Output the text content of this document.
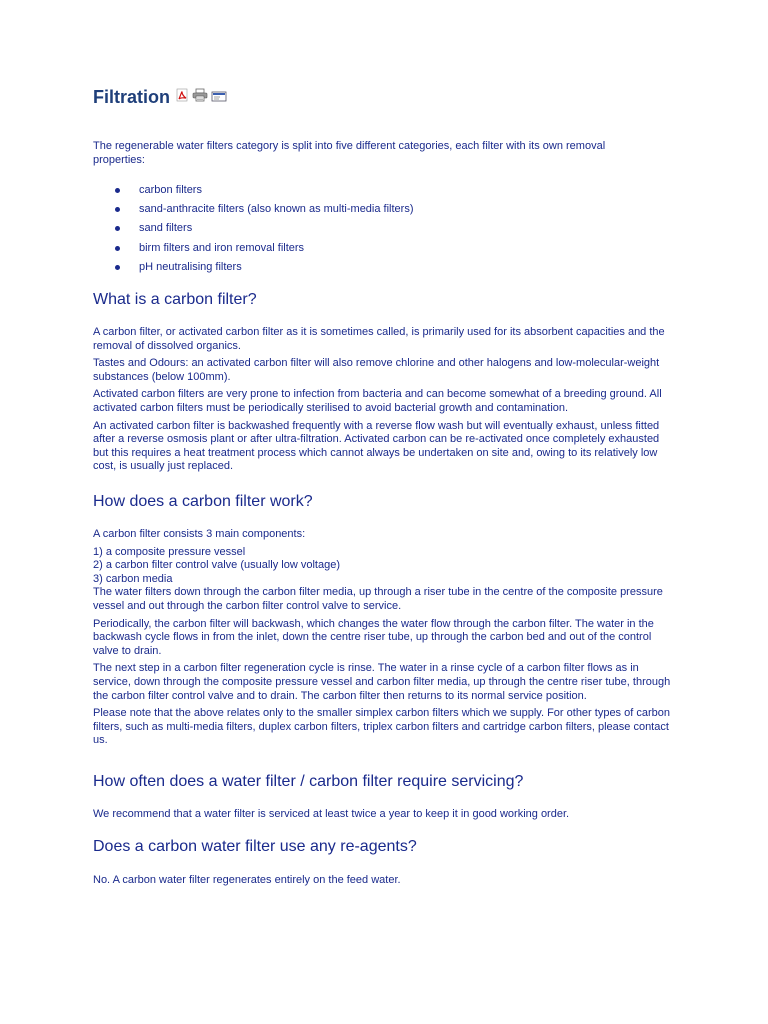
Filtration

The regenerable water filters category is split into five different categories, each filter with its own removal properties:

carbon filters
sand-anthracite filters (also known as multi-media filters)
sand filters
birm filters and iron removal filters
pH neutralising filters
What is a carbon filter?

A carbon filter, or activated carbon filter as it is sometimes called, is primarily used for its absorbent capacities and the removal of dissolved organics.

Tastes and Odours: an activated carbon filter will also remove chlorine and other halogens and low-molecular-weight substances (below 100mm).

Activated carbon filters are very prone to infection from bacteria and can become somewhat of a breeding ground. All activated carbon filters must be periodically sterilised to avoid bacterial growth and contamination.

An activated carbon filter is backwashed frequently with a reverse flow wash but will eventually exhaust, unless fitted after a reverse osmosis plant or after ultra-filtration. Activated carbon can be re-activated once completely exhausted but this requires a heat treatment process which cannot always be undertaken on site and, owing to its relatively low cost, is usually just replaced.

How does a carbon filter work?

A carbon filter consists 3 main components:

1) a composite pressure vessel

2) a carbon filter control valve (usually low voltage)

3) carbon media

The water filters down through the carbon filter media, up through a riser tube in the centre of the composite pressure vessel and out through the carbon filter control valve to service.

Periodically, the carbon filter will backwash, which changes the water flow through the carbon filter. The water in the backwash cycle flows in from the inlet, down the centre riser tube, up through the carbon bed and out of the control valve to drain.

The next step in a carbon filter regeneration cycle is rinse. The water in a rinse cycle of a carbon filter flows as in service, down through the composite pressure vessel and carbon filter media, up through the centre riser tube, through the carbon filter control valve and to drain. The carbon filter then returns to its normal service position.

Please note that the above relates only to the smaller simplex carbon filters which we supply. For other types of carbon filters, such as multi-media filters, duplex carbon filters, triplex carbon filters and cartridge carbon filters, please contact us.

How often does a water filter / carbon filter require servicing?

We recommend that a water filter is serviced at least twice a year to keep it in good working order.

Does a carbon water filter use any re-agents?

No. A carbon water filter regenerates entirely on the feed water.
